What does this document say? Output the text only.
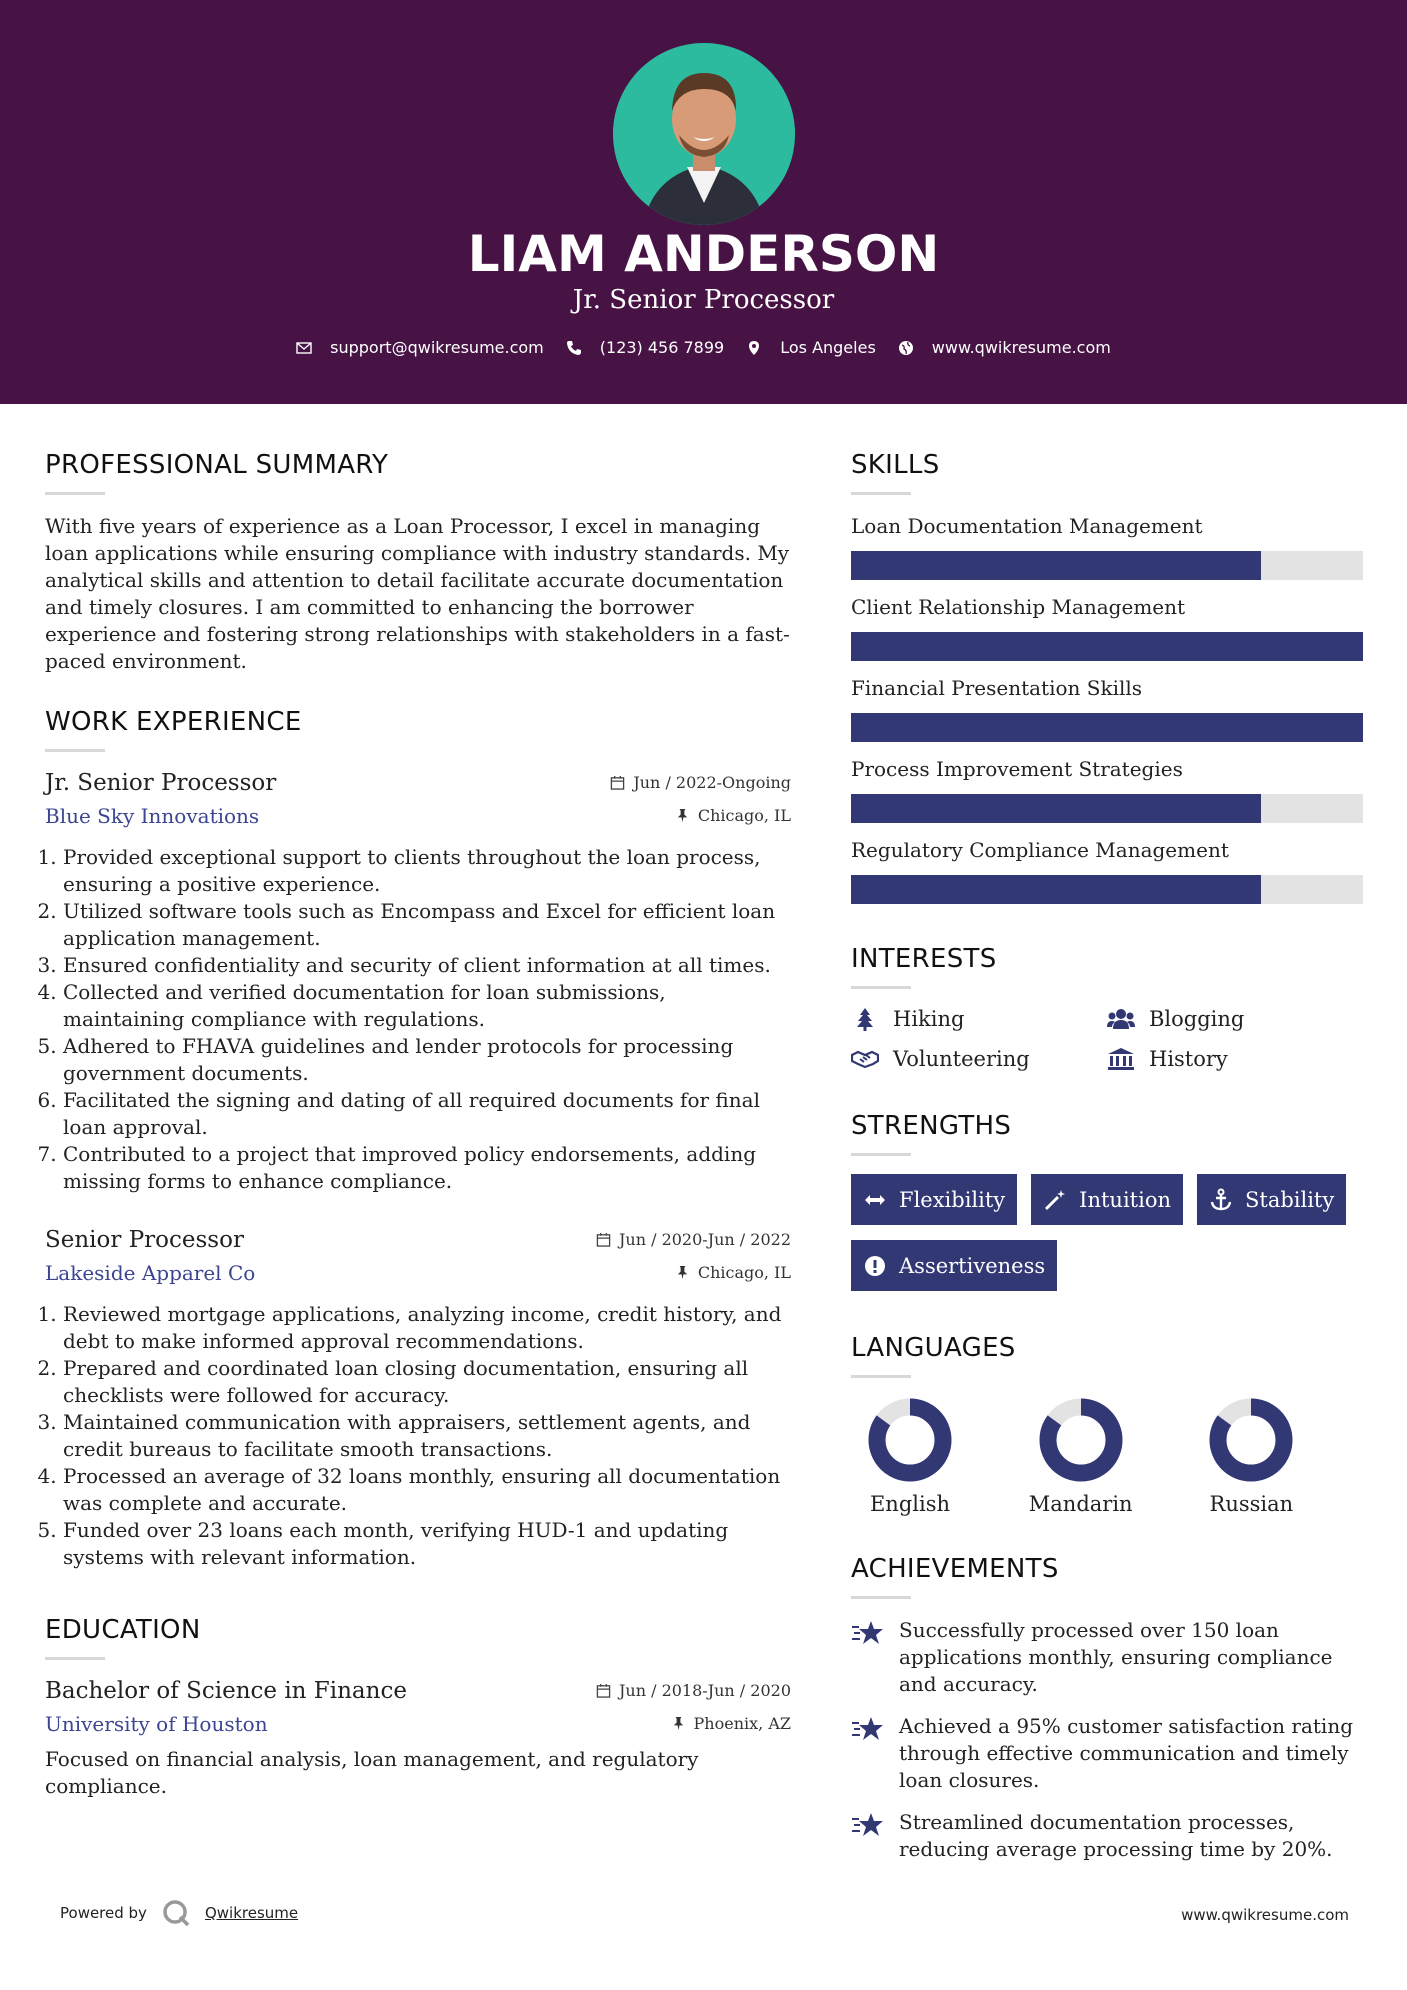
LIAM ANDERSON
Jr. Senior Processor
support@qwikresume.com	(123) 456 7899	Los Angeles	www.qwikresume.com
PROFESSIONAL SUMMARY

With five years of experience as a Loan Processor, I excel in managing loan applications while ensuring compliance with industry standards. My analytical skills and attention to detail facilitate accurate documentation and timely closures. I am committed to enhancing the borrower experience and fostering strong relationships with stakeholders in a fast-paced environment.

WORK EXPERIENCE
Jr. Senior Processor	Jun / 2022-Ongoing
Blue Sky Innovations	Chicago, IL
1. Provided exceptional support to clients throughout the loan process, ensuring a positive experience.
2. Utilized software tools such as Encompass and Excel for efficient loan application management.
3. Ensured confidentiality and security of client information at all times.
4. Collected and verified documentation for loan submissions, maintaining compliance with regulations.
5. Adhered to FHAVA guidelines and lender protocols for processing government documents.
6. Facilitated the signing and dating of all required documents for final loan approval.
7. Contributed to a project that improved policy endorsements, adding missing forms to enhance compliance.
Senior Processor	Jun / 2020-Jun / 2022
Lakeside Apparel Co	Chicago, IL
1. Reviewed mortgage applications, analyzing income, credit history, and debt to make informed approval recommendations.
2. Prepared and coordinated loan closing documentation, ensuring all checklists were followed for accuracy.
3. Maintained communication with appraisers, settlement agents, and credit bureaus to facilitate smooth transactions.
4. Processed an average of 32 loans monthly, ensuring all documentation was complete and accurate.
5. Funded over 23 loans each month, verifying HUD-1 and updating systems with relevant information.
EDUCATION
Bachelor of Science in Finance	Jun / 2018-Jun / 2020
University of Houston	Phoenix, AZ

Focused on financial analysis, loan management, and regulatory compliance.

SKILLS
Loan Documentation Management
Client Relationship Management
Financial Presentation Skills
Process Improvement Strategies
Regulatory Compliance Management
INTERESTS
Hiking	Blogging
Volunteering	History
STRENGTHS
Flexibility	Intuition	Stability
Assertiveness
LANGUAGES
English	Mandarin	Russian
ACHIEVEMENTS
Successfully processed over 150 loan applications monthly, ensuring compliance and accuracy.
Achieved a 95% customer satisfaction rating through effective communication and timely loan closures.
Streamlined documentation processes, reducing average processing time by 20%.
Powered by	Qwikresume	www.qwikresume.com
